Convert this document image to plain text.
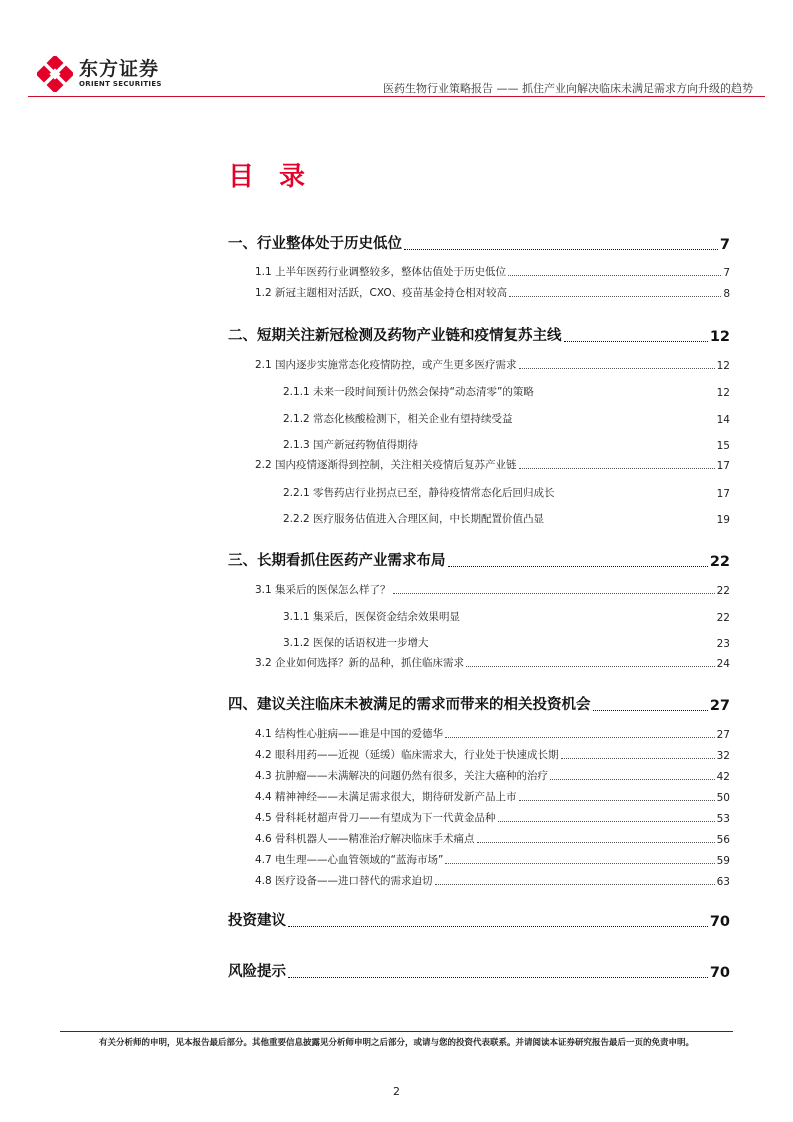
东方证券
ORIENT SECURITIES	医药生物行业策略报告 —— 抓住产业向解决临床未满足需求方向升级的趋势
目 录
一、行业整体处于历史低位	7
1.1 上半年医药行业调整较多，整体估值处于历史低位	7
1.2 新冠主题相对活跃，CXO、疫苗基金持仓相对较高	8
二、短期关注新冠检测及药物产业链和疫情复苏主线	12
2.1 国内逐步实施常态化疫情防控，或产生更多医疗需求	12
2.1.1 未来一段时间预计仍然会保持“动态清零”的策略	12
2.1.2 常态化核酸检测下，相关企业有望持续受益	14
2.1.3 国产新冠药物值得期待	15
2.2 国内疫情逐渐得到控制，关注相关疫情后复苏产业链	17
2.2.1 零售药店行业拐点已至，静待疫情常态化后回归成长	17
2.2.2 医疗服务估值进入合理区间，中长期配置价值凸显	19
三、长期看抓住医药产业需求布局	22
3.1 集采后的医保怎么样了？	22
3.1.1 集采后，医保资金结余效果明显	22
3.1.2 医保的话语权进一步增大	23
3.2 企业如何选择？新的品种，抓住临床需求	24
四、建议关注临床未被满足的需求而带来的相关投资机会	27
4.1 结构性心脏病——谁是中国的爱德华	27
4.2 眼科用药——近视（延缓）临床需求大，行业处于快速成长期	32
4.3 抗肿瘤——未满解决的问题仍然有很多，关注大癌种的治疗	42
4.4 精神神经——未满足需求很大，期待研发新产品上市	50
4.5 骨科耗材超声骨刀——有望成为下一代黄金品种	53
4.6 骨科机器人——精准治疗解决临床手术痛点	56
4.7 电生理——心血管领域的“蓝海市场”	59
4.8 医疗设备——进口替代的需求迫切	63
投资建议	70
风险提示	70
有关分析师的申明，见本报告最后部分。其他重要信息披露见分析师申明之后部分，或请与您的投资代表联系。并请阅读本证券研究报告最后一页的免责申明。
2
